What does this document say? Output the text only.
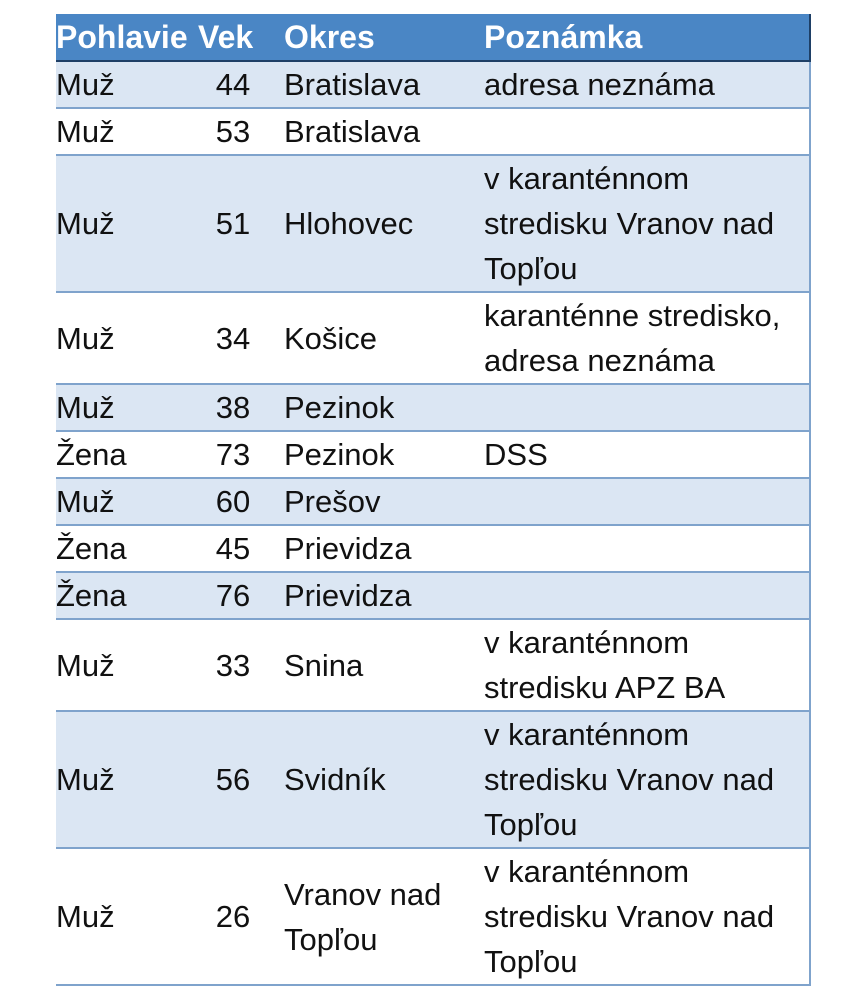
Pohlavie	Vek	Okres	Poznámka
Muž	44	Bratislava	adresa neznáma
Muž	53	Bratislava	
Muž	51	Hlohovec	v karanténnom stredisku Vranov nad Topľou
Muž	34	Košice	karanténne stredisko, adresa neznáma
Muž	38	Pezinok	
Žena	73	Pezinok	DSS
Muž	60	Prešov	
Žena	45	Prievidza	
Žena	76	Prievidza	
Muž	33	Snina	v karanténnom stredisku APZ BA
Muž	56	Svidník	v karanténnom stredisku Vranov nad Topľou
Muž	26	Vranov nad Topľou	v karanténnom stredisku Vranov nad Topľou
